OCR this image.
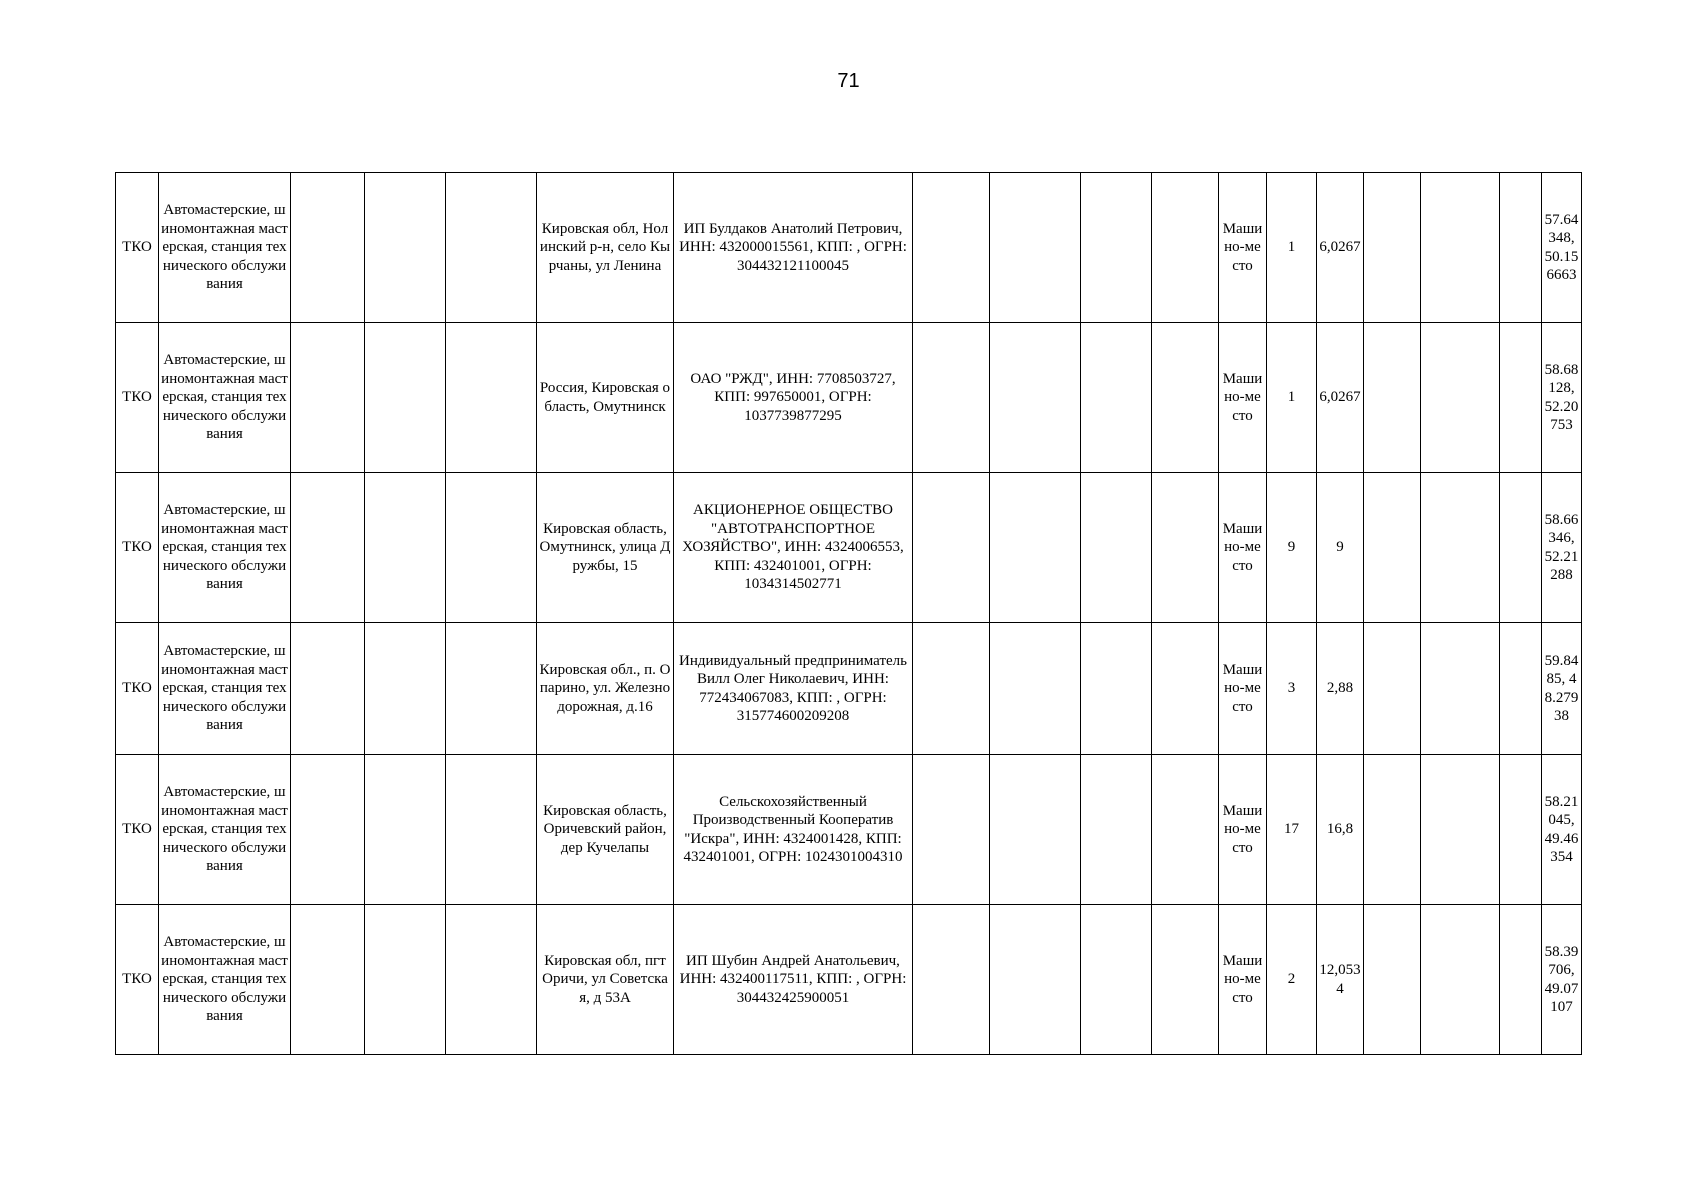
71
ТКО	Автомастерские, шиномонтажная мастерская, станция технического обслуживания				Кировская обл, Нолинский р-н, село Кырчаны, ул Ленина	ИП Булдаков Анатолий Петрович, ИНН: 432000015561, КПП: , ОГРН: 304432121100045					Машино-место	1	6,0267				57.64348, 50.156663
ТКО	Автомастерские, шиномонтажная мастерская, станция технического обслуживания				Россия, Кировская область, Омутнинск	ОАО "РЖД", ИНН: 7708503727, КПП: 997650001, ОГРН: 1037739877295					Машино-место	1	6,0267				58.68128, 52.20753
ТКО	Автомастерские, шиномонтажная мастерская, станция технического обслуживания				Кировская область, Омутнинск, улица Дружбы, 15	АКЦИОНЕРНОЕ ОБЩЕСТВО "АВТОТРАНСПОРТНОЕ ХОЗЯЙСТВО", ИНН: 4324006553, КПП: 432401001, ОГРН: 1034314502771					Машино-место	9	9				58.66346, 52.21288
ТКО	Автомастерские, шиномонтажная мастерская, станция технического обслуживания				Кировская обл., п. Опарино, ул. Железнодорожная, д.16	Индивидуальный предприниматель Вилл Олег Николаевич, ИНН: 772434067083, КПП: , ОГРН: 315774600209208					Машино-место	3	2,88				59.8485, 48.27938
ТКО	Автомастерские, шиномонтажная мастерская, станция технического обслуживания				Кировская область, Оричевский район, дер Кучелапы	Сельскохозяйственный Производственный Кооператив "Искра", ИНН: 4324001428, КПП: 432401001, ОГРН: 1024301004310					Машино-место	17	16,8				58.21045, 49.46354
ТКО	Автомастерские, шиномонтажная мастерская, станция технического обслуживания				Кировская обл, пгт Оричи, ул Советская, д 53А	ИП Шубин Андрей Анатольевич, ИНН: 432400117511, КПП: , ОГРН: 304432425900051					Машино-место	2	12,0534				58.39706, 49.07107
